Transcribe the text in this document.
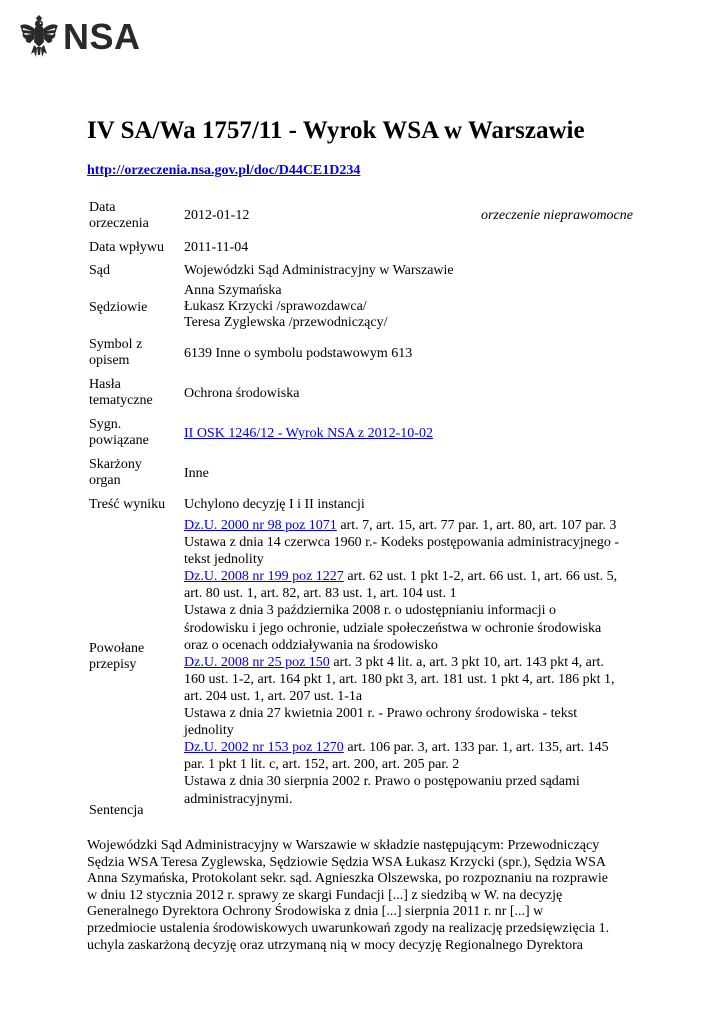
NSA
IV SA/Wa 1757/11 - Wyrok WSA w Warszawie
http://orzeczenia.nsa.gov.pl/doc/D44CE1D234
Data
orzeczenia
2012-01-12	orzeczenie nieprawomocne
Data wpływu	2011-11-04
Sąd	Wojewódzki Sąd Administracyjny w Warszawie
Sędziowie
Anna Szymańska
Łukasz Krzycki /sprawozdawca/
Teresa Zyglewska /przewodniczący/
Symbol z
opisem	6139 Inne o symbolu podstawowym 613
Hasła
tematyczne	Ochrona środowiska
Sygn.
powiązane	II OSK 1246/12 - Wyrok NSA z 2012-10-02
Skarżony
organ	Inne
Treść wyniku	Uchylono decyzję I i II instancji
Powołane
przepisy
Dz.U. 2000 nr 98 poz 1071 art. 7, art. 15, art. 77 par. 1, art. 80, art. 107 par. 3
Ustawa z dnia 14 czerwca 1960 r.- Kodeks postępowania administracyjnego -
tekst jednolity
Dz.U. 2008 nr 199 poz 1227 art. 62 ust. 1 pkt 1-2, art. 66 ust. 1, art. 66 ust. 5,
art. 80 ust. 1, art. 82, art. 83 ust. 1, art. 104 ust. 1
Ustawa z dnia 3 października 2008 r. o udostępnianiu informacji o
środowisku i jego ochronie, udziale społeczeństwa w ochronie środowiska
oraz o ocenach oddziaływania na środowisko
Dz.U. 2008 nr 25 poz 150 art. 3 pkt 4 lit. a, art. 3 pkt 10, art. 143 pkt 4, art.
160 ust. 1-2, art. 164 pkt 1, art. 180 pkt 3, art. 181 ust. 1 pkt 4, art. 186 pkt 1,
art. 204 ust. 1, art. 207 ust. 1-1a
Ustawa z dnia 27 kwietnia 2001 r. - Prawo ochrony środowiska - tekst
jednolity
Dz.U. 2002 nr 153 poz 1270 art. 106 par. 3, art. 133 par. 1, art. 135, art. 145
par. 1 pkt 1 lit. c, art. 152, art. 200, art. 205 par. 2
Ustawa z dnia 30 sierpnia 2002 r. Prawo o postępowaniu przed sądami
administracyjnymi.
Sentencja
Wojewódzki Sąd Administracyjny w Warszawie w składzie następującym: Przewodniczący
Sędzia WSA Teresa Zyglewska, Sędziowie Sędzia WSA Łukasz Krzycki (spr.), Sędzia WSA
Anna Szymańska, Protokolant sekr. sąd. Agnieszka Olszewska, po rozpoznaniu na rozprawie
w dniu 12 stycznia 2012 r. sprawy ze skargi Fundacji [...] z siedzibą w W. na decyzję
Generalnego Dyrektora Ochrony Środowiska z dnia [...] sierpnia 2011 r. nr [...] w
przedmiocie ustalenia środowiskowych uwarunkowań zgody na realizację przedsięwzięcia 1.
uchyla zaskarżoną decyzję oraz utrzymaną nią w mocy decyzję Regionalnego Dyrektora
